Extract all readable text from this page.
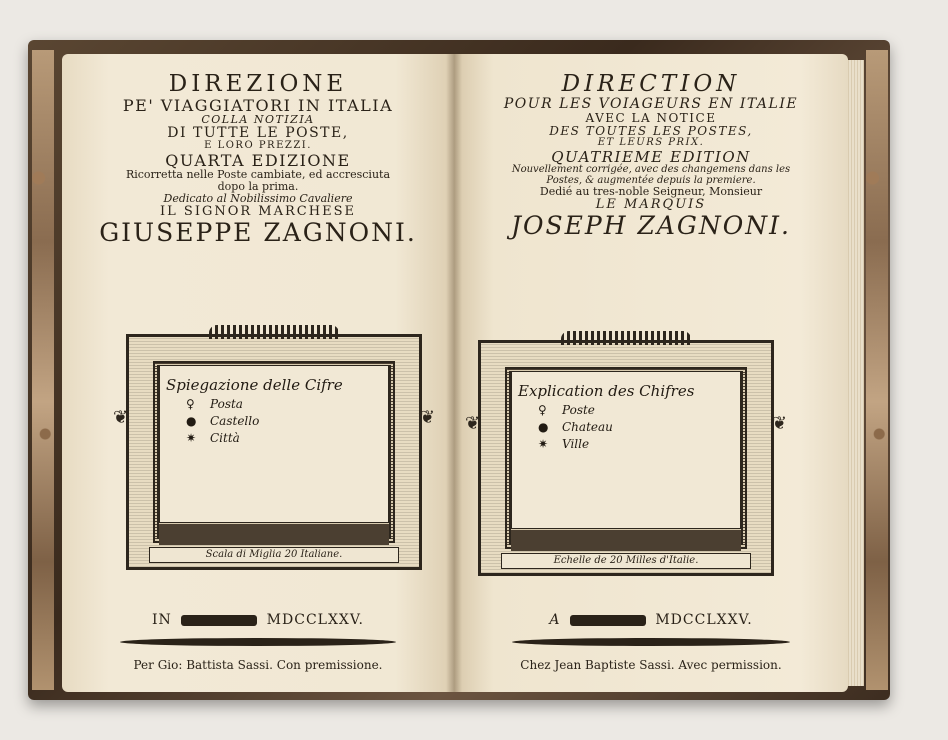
DIREZIONE
PE' VIAGGIATORI IN ITALIA
COLLA NOTIZIA
DI TUTTE LE POSTE,
E LORO PREZZI.
QUARTA EDIZIONE
Ricorretta nelle Poste cambiate, ed accresciuta
dopo la prima.
Dedicato al Nobilissimo Cavaliere
IL SIGNOR MARCHESE
GIUSEPPE ZAGNONI.
❦	❦
Spiegazione delle Cifre
♀ Posta
● Castello
✷ Città
Scala di Miglia 20 Italiane.
IN	MDCCLXXV.
Per Gio: Battista Sassi. Con premissione.
DIRECTION
POUR LES VOIAGEURS EN ITALIE
AVEC LA NOTICE
DES TOUTES LES POSTES,
ET LEURS PRIX.
QUATRIEME EDITION
Nouvellement corrigée, avec des changemens dans les
Postes, & augmentée depuis la premiere.
Dedié au tres-noble Seigneur, Monsieur
LE MARQUIS
JOSEPH ZAGNONI.
❦	❦
Explication des Chifres
♀ Poste
● Chateau
✷ Ville
Echelle de 20 Milles d'Italie.
A	MDCCLXXV.
Chez Jean Baptiste Sassi. Avec permission.
